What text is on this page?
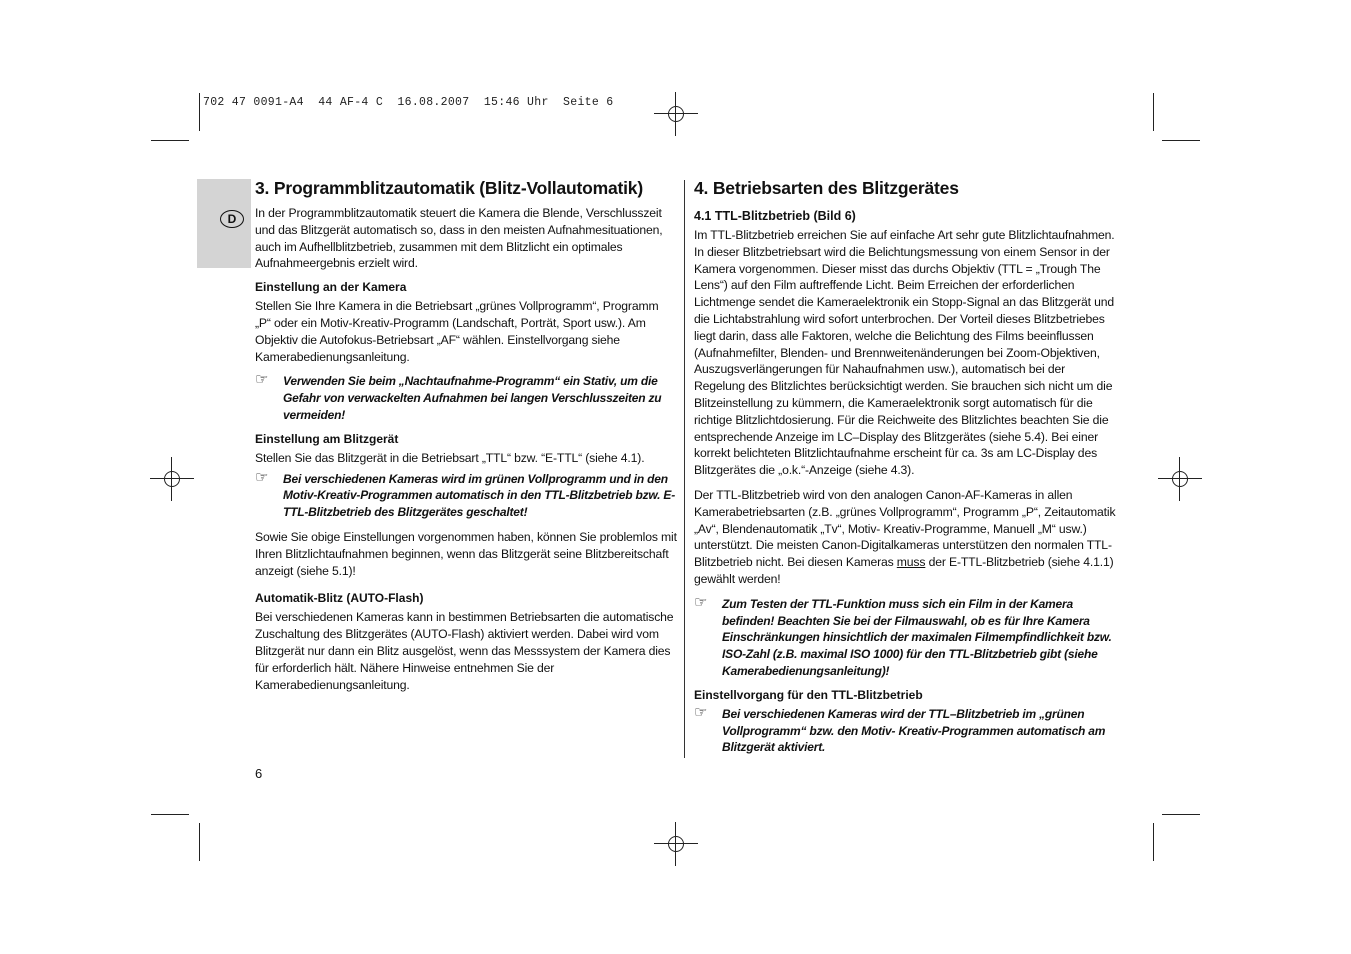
702 47 0091-A4  44 AF-4 C  16.08.2007  15:46 Uhr  Seite 6
D
3. Programmblitzautomatik (Blitz-Vollautomatik)

In der Programmblitzautomatik steuert die Kamera die Blende, Verschlusszeit und das Blitzgerät automatisch so, dass in den meisten Aufnahmesituationen, auch im Aufhellblitzbetrieb, zusammen mit dem Blitzlicht ein optimales Aufnahmeergebnis erzielt wird.

Einstellung an der Kamera

Stellen Sie Ihre Kamera in die Betriebsart „grünes Vollprogramm“, Programm „P“ oder ein Motiv-Kreativ-Programm (Landschaft, Porträt, Sport usw.). Am Objektiv die Autofokus-Betriebsart „AF“ wählen. Einstellvorgang siehe Kamerabedienungsanleitung.

☞ Verwenden Sie beim „Nachtaufnahme-Programm“ ein Stativ, um die Gefahr von verwackelten Aufnahmen bei langen Verschlusszeiten zu vermeiden!
Einstellung am Blitzgerät

Stellen Sie das Blitzgerät in die Betriebsart „TTL“ bzw. “E-TTL“ (siehe 4.1).

☞ Bei verschiedenen Kameras wird im grünen Vollprogramm und in den Motiv-Kreativ-Programmen automatisch in den TTL-Blitzbetrieb bzw. E-TTL-Blitzbetrieb des Blitzgerätes geschaltet!

Sowie Sie obige Einstellungen vorgenommen haben, können Sie problemlos mit Ihren Blitzlichtaufnahmen beginnen, wenn das Blitzgerät seine Blitzbereitschaft anzeigt (siehe 5.1)!

Automatik-Blitz (AUTO-Flash)

Bei verschiedenen Kameras kann in bestimmen Betriebsarten die automatische Zuschaltung des Blitzgerätes (AUTO-Flash) aktiviert werden. Dabei wird vom Blitzgerät nur dann ein Blitz ausgelöst, wenn das Messsystem der Kamera dies für erforderlich hält. Nähere Hinweise entnehmen Sie der Kamerabedienungsanleitung.

4. Betriebsarten des Blitzgerätes
4.1 TTL-Blitzbetrieb (Bild 6)

Im TTL-Blitzbetrieb erreichen Sie auf einfache Art sehr gute Blitzlichtaufnahmen. In dieser Blitzbetriebsart wird die Belichtungsmessung von einem Sensor in der Kamera vorgenommen. Dieser misst das durchs Objektiv (TTL = „Trough The Lens“) auf den Film auftreffende Licht. Beim Erreichen der erforderlichen Lichtmenge sendet die Kameraelektronik ein Stopp-Signal an das Blitzgerät und die Lichtabstrahlung wird sofort unterbrochen. Der Vorteil dieses Blitzbetriebes liegt darin, dass alle Faktoren, welche die Belichtung des Films beeinflussen (Aufnahmefilter, Blenden- und Brennweitenänderungen bei Zoom-Objektiven, Auszugsverlängerungen für Nahaufnahmen usw.), automatisch bei der Regelung des Blitzlichtes berücksichtigt werden. Sie brauchen sich nicht um die Blitzeinstellung zu kümmern, die Kameraelektronik sorgt automatisch für die richtige Blitzlichtdosierung. Für die Reichweite des Blitzlichtes beachten Sie die entsprechende Anzeige im LC–Display des Blitzgerätes (siehe 5.4). Bei einer korrekt belichteten Blitzlichtaufnahme erscheint für ca. 3s am LC-Display des Blitzgerätes die „o.k.“-Anzeige (siehe 4.3).

Der TTL-Blitzbetrieb wird von den analogen Canon-AF-Kameras in allen Kamerabetriebsarten (z.B. „grünes Vollprogramm“, Programm „P“, Zeitautomatik „Av“, Blendenautomatik „Tv“, Motiv- Kreativ-Programme, Manuell „M“ usw.) unterstützt. Die meisten Canon-Digitalkameras unterstützen den normalen TTL-Blitzbetrieb nicht. Bei diesen Kameras muss der E-TTL-Blitzbetrieb (siehe 4.1.1) gewählt werden!

☞ Zum Testen der TTL-Funktion muss sich ein Film in der Kamera befinden! Beachten Sie bei der Filmauswahl, ob es für Ihre Kamera Einschränkungen hinsichtlich der maximalen Filmempfindlichkeit bzw. ISO-Zahl (z.B. maximal ISO 1000) für den TTL-Blitzbetrieb gibt (siehe Kamerabedienungsanleitung)!
Einstellvorgang für den TTL-Blitzbetrieb
☞ Bei verschiedenen Kameras wird der TTL–Blitzbetrieb im „grünen Vollprogramm“ bzw. den Motiv- Kreativ-Programmen automatisch am Blitzgerät aktiviert.
6
